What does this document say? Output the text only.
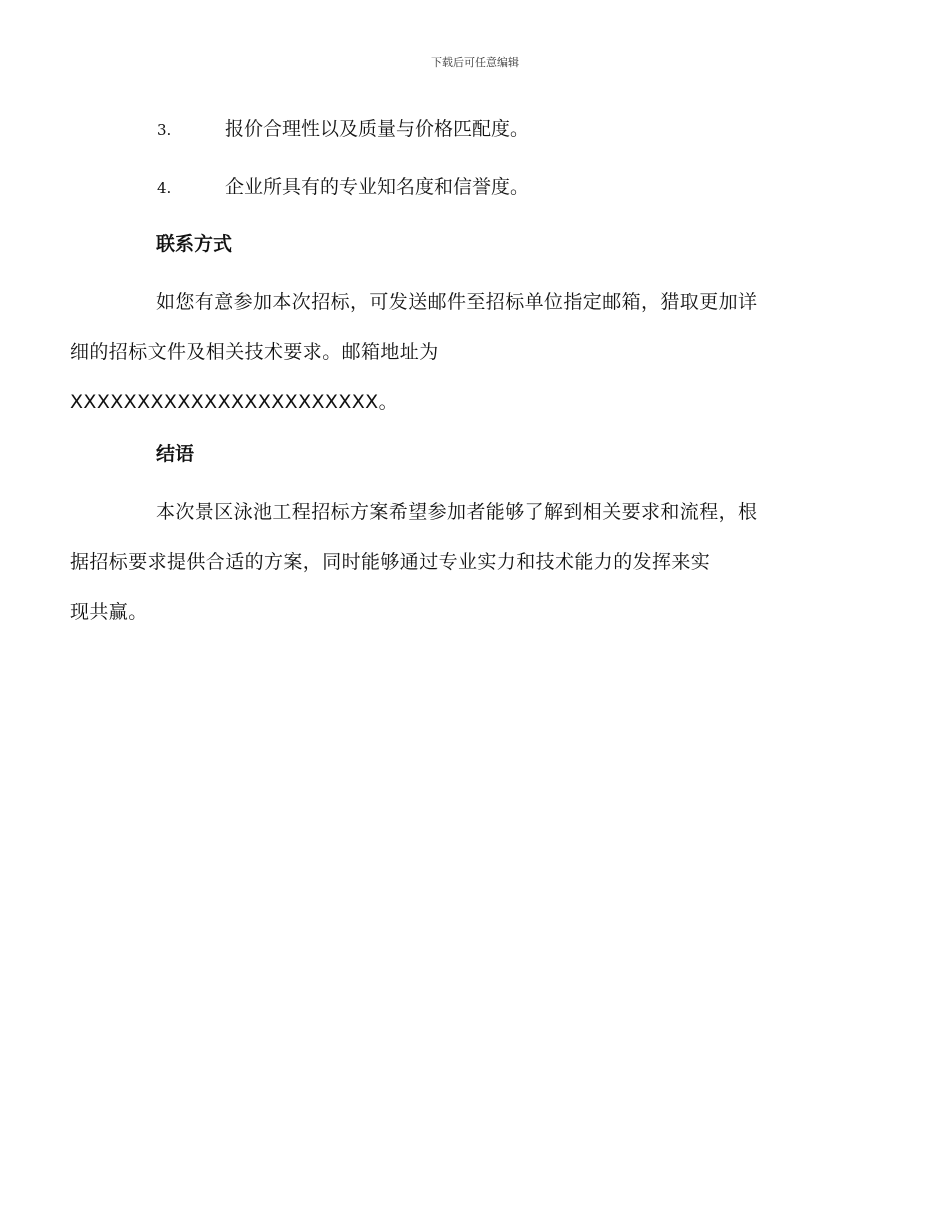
下载后可任意编辑
3.	报价合理性以及质量与价格匹配度。
4.	企业所具有的专业知名度和信誉度。
联系方式
如您有意参加本次招标，可发送邮件至招标单位指定邮箱，猎取更加详
细的招标文件及相关技术要求。邮箱地址为
XXXXXXXXXXXXXXXXXXXXXXX。
结语
本次景区泳池工程招标方案希望参加者能够了解到相关要求和流程，根
据招标要求提供合适的方案，同时能够通过专业实力和技术能力的发挥来实
现共赢。
